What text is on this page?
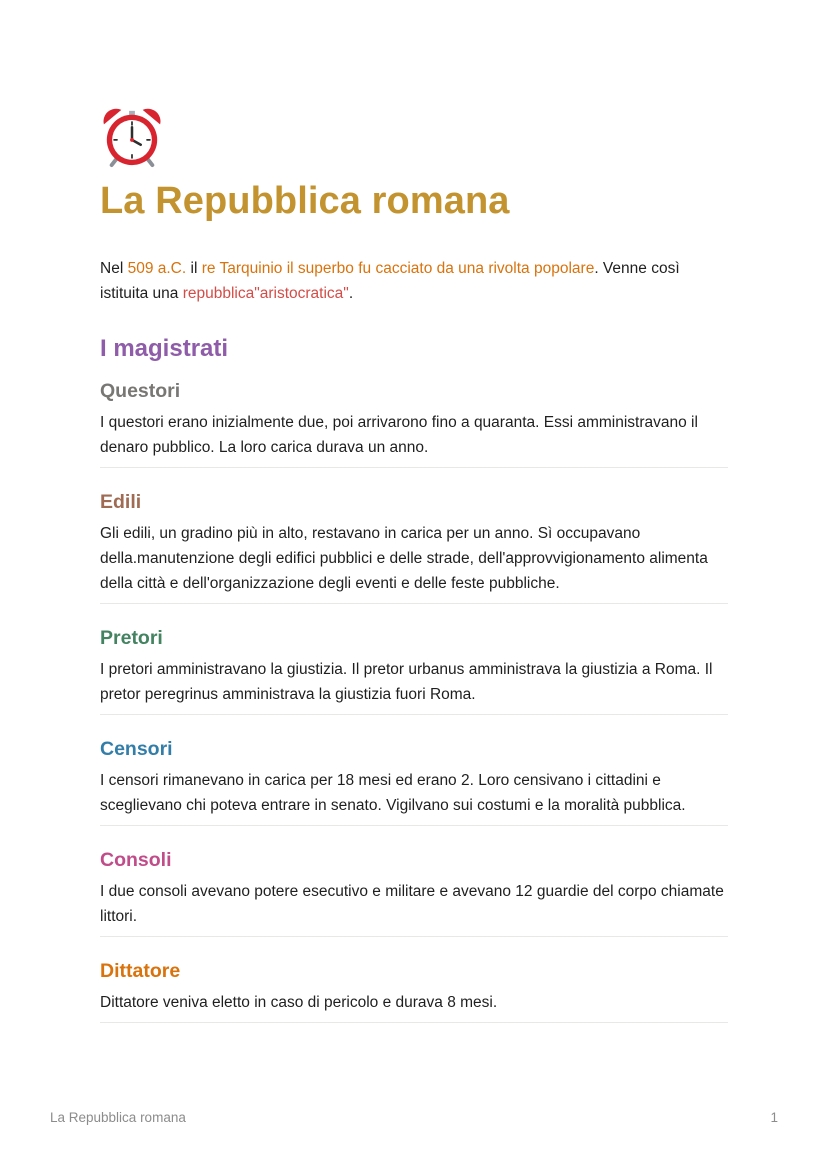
La Repubblica romana

Nel 509 a.C. il re Tarquinio il superbo fu cacciato da una rivolta popolare. Venne così istituita una repubblica"aristocratica".

I magistrati
Questori

I questori erano inizialmente due, poi arrivarono fino a quaranta. Essi amministravano il denaro pubblico. La loro carica durava un anno.

Edili

Gli edili, un gradino più in alto, restavano in carica per un anno. Sì occupavano della.manutenzione degli edifici pubblici e delle strade, dell'approvvigionamento alimenta della città e dell'organizzazione degli eventi e delle feste pubbliche.

Pretori

I pretori amministravano la giustizia. Il pretor urbanus amministrava la giustizia a Roma. Il pretor peregrinus amministrava la giustizia fuori Roma.

Censori

I censori rimanevano in carica per 18 mesi ed erano 2. Loro censivano i cittadini e sceglievano chi poteva entrare in senato. Vigilvano sui costumi e la moralità pubblica.

Consoli

I due consoli avevano potere esecutivo e militare e avevano 12 guardie del corpo chiamate littori.

Dittatore

Dittatore veniva eletto in caso di pericolo e durava 8 mesi.

La Repubblica romana	1
